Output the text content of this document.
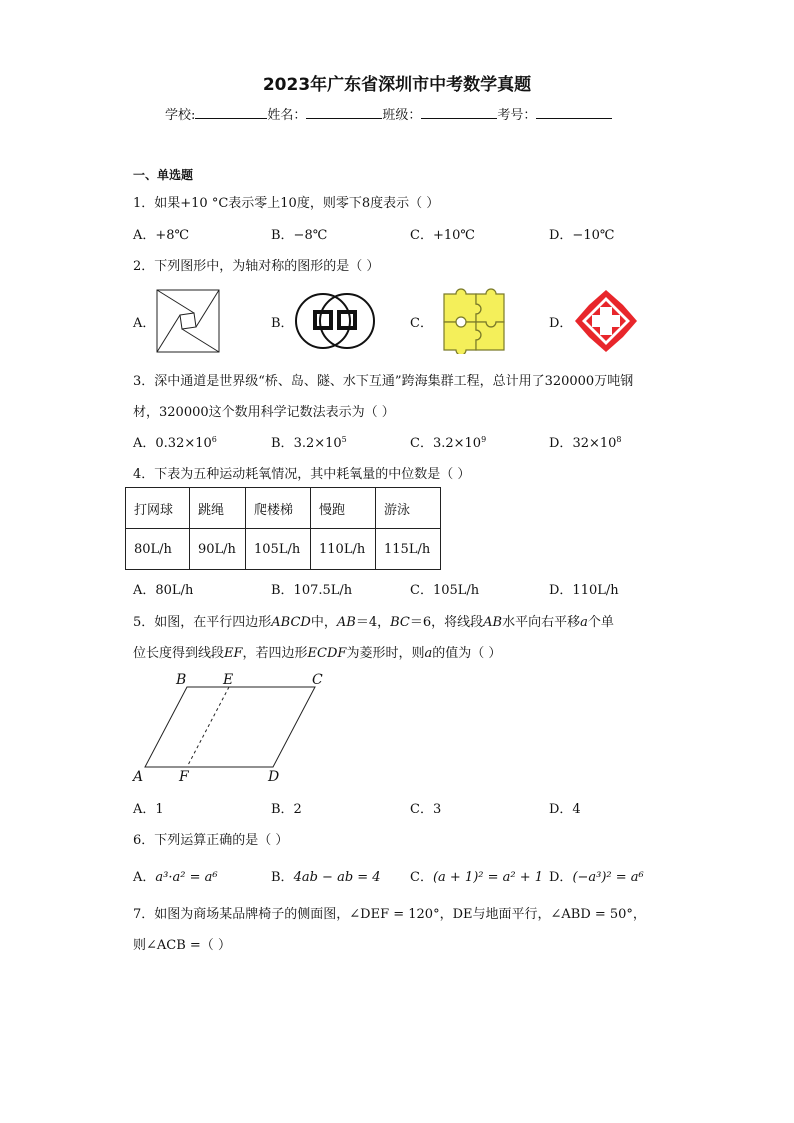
2023年广东省深圳市中考数学真题
学校:	姓名：	班级：	考号：
一、单选题
1．如果+10 °C表示零上10度，则零下8度表示（ ）
A．+8℃	B．−8℃	C．+10℃	D．−10℃
2．下列图形中，为轴对称的图形的是（ ）
A．	B．	C．	D．
3．深中通道是世界级“桥、岛、隧、水下互通”跨海集群工程，总计用了320000万吨钢
材，320000这个数用科学记数法表示为（ ）
A．$0.32\times 10^6$	B．$3.2\times 10^5$	C．$3.2\times 10^9$	D．$32\times 10^8$
4．下表为五种运动耗氧情况，其中耗氧量的中位数是（ ）
打网球	跳绳	爬楼梯	慢跑	游泳
80L/h	90L/h	105L/h	110L/h	115L/h
A．80L/h	B．107.5L/h	C．105L/h	D．110L/h
5．如图，在平行四边形ABCD中，AB＝4，BC＝6，将线段AB水平向右平移a个单
位长度得到线段EF，若四边形ECDF为菱形时，则a的值为（ ）
B	E	C
A	F	D
A．1	B．2	C．3	D．4
6．下列运算正确的是（ ）
A．a³·a² = a⁶	B．4ab − ab = 4 C．(a + 1)² = a² + 1 D．(−a³)² = a⁶
7．如图为商场某品牌椅子的侧面图，∠DEF = 120°，DE与地面平行，∠ABD = 50°，
则∠ACB =（ ）
